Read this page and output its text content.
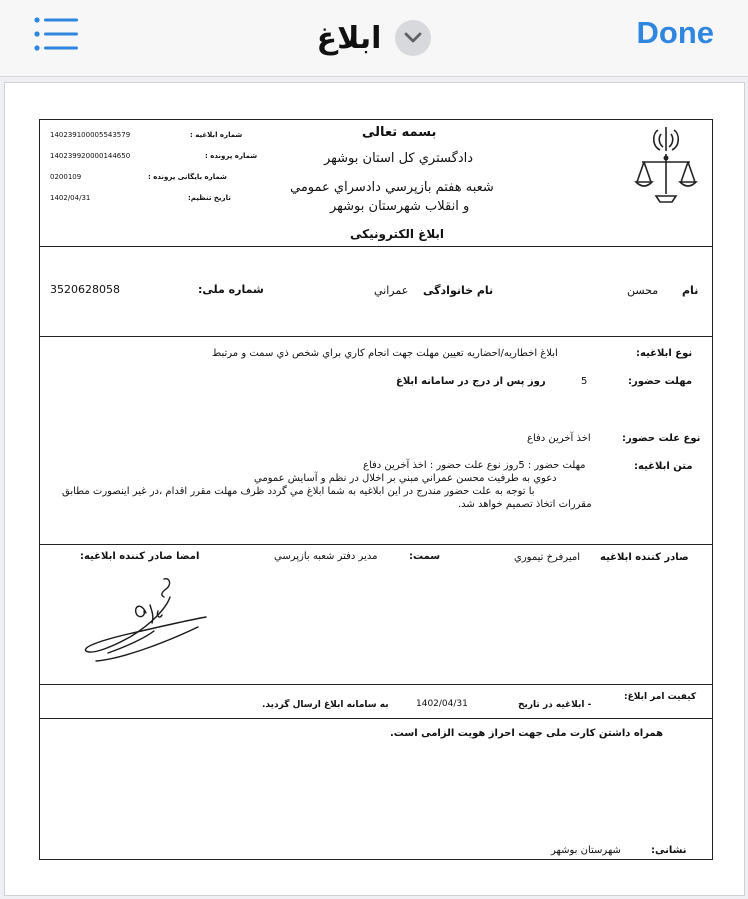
ابلاغ	Done
بسمه تعالی
دادگستري کل استان بوشهر
شعبه هفتم بازپرسي دادسراي عمومي
و انقلاب شهرستان بوشهر
ابلاغ الکترونیکی
شماره ابلاغیه :
140239100005543579
شماره پرونده :
140239920000144650
شماره بایگانی پرونده :
0200109
تاریخ تنظیم:
1402/04/31
نام
محسن
نام خانوادگی
عمراني
شماره ملی:
3520628058
نوع ابلاغیه:
ابلاغ اخطاریه/احضاریه تعیین مهلت جهت انجام کاري براي شخص ذي سمت و مرتبط
مهلت حضور:
5
روز پس از درج در سامانه ابلاغ
نوع علت حضور:
اخذ آخرین دفاع
متن ابلاغیه:
مهلت حضور : 5روز نوع علت حضور : اخذ آخرین دفاع
دعوي به طرفیت محسن عمراني مبني بر اخلال در نظم و آسایش عمومي
با توجه به علت حضور مندرج در این ابلاغیه به شما ابلاغ مي گردد ظرف مهلت مقرر اقدام ،در غیر اینصورت مطابق
مقررات اتخاذ تصمیم خواهد شد.
صادر کننده ابلاغیه
امیرفرخ تیموري
سمت:
مدیر دفتر شعبه بازپرسي
امضا صادر کننده ابلاغیه:
کیفیت امر ابلاغ:
- ابلاغیه در تاریخ
1402/04/31
به سامانه ابلاغ ارسال گردید.
همراه داشتن کارت ملی جهت احراز هویت الزامی است.
نشانی:
شهرستان بوشهر
